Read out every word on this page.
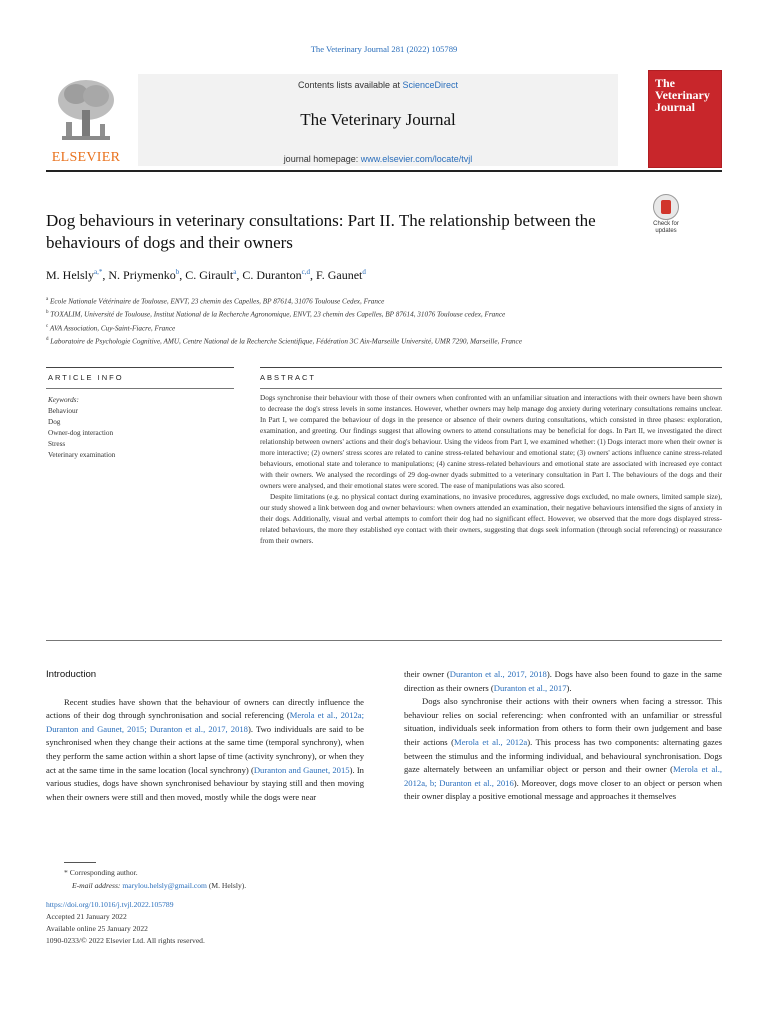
The Veterinary Journal 281 (2022) 105789
ELSEVIER
Contents lists available at ScienceDirect
The Veterinary Journal
journal homepage: www.elsevier.com/locate/tvjl
The Veterinary Journal
Dog behaviours in veterinary consultations: Part II. The relationship between the behaviours of dogs and their owners
Check for updates
M. Helsly$^{a,*}$, N. Priymenko$^b$, C. Girault$^a$, C. Duranton$^{c,d}$, F. Gaunet$^d$
$^a$ Ecole Nationale Vétérinaire de Toulouse, ENVT, 23 chemin des Capelles, BP 87614, 31076 Toulouse Cedex, France
$^b$ TOXALIM, Université de Toulouse, Institut National de la Recherche Agronomique, ENVT, 23 chemin des Capelles, BP 87614, 31076 Toulouse cedex, France
$^c$ AVA Association, Cuy-Saint-Fiacre, France
$^d$ Laboratoire de Psychologie Cognitive, AMU, Centre National de la Recherche Scientifique, Fédération 3C Aix-Marseille Université, UMR 7290, Marseille, France
ARTICLE INFO	ABSTRACT
Keywords:
Behaviour
Dog
Owner-dog interaction
Stress
Veterinary examination

Dogs synchronise their behaviour with those of their owners when confronted with an unfamiliar situation and interactions with their owners have been shown to decrease the dog's stress levels in some instances. However, whether owners may help manage dog anxiety during veterinary consultations remains unclear. In Part I, we compared the behaviour of dogs in the presence or absence of their owners during consultations, which consisted in three phases: exploration, examination, and greeting. Our findings suggest that allowing owners to attend consultations may be beneficial for dogs. In Part II, we investigated the direct relationship between owners' actions and their dog's behaviour. Using the videos from Part I, we examined whether: (1) Dogs interact more when their owner is more interactive; (2) owners' stress scores are related to canine stress-related behaviour and emotional state; (3) owners' actions influence canine stress-related behaviours, emotional state and tolerance to manipulations; (4) canine stress-related behaviours and emotional state are associated with increased eye contact with their owners. We analysed the recordings of 29 dog-owner dyads submitted to a veterinary consultation in Part I. The behaviours of the dogs and their owners were analysed, and their emotional states were scored. The ease of manipulations was also scored.

Despite limitations (e.g. no physical contact during examinations, no invasive procedures, aggressive dogs excluded, no male owners, limited sample size), our study showed a link between dog and owner behaviours: when owners attended an examination, their negative behaviours intensified the signs of anxiety in their dogs. Additionally, visual and verbal attempts to comfort their dog had no significant effect. However, we observed that the more dogs displayed stress-related behaviours, the more they established eye contact with their owners, suggesting that dogs seek information (through social referencing) or reassurance from their owners.

Introduction

Recent studies have shown that the behaviour of owners can directly influence the actions of their dog through synchronisation and social referencing (Merola et al., 2012a; Duranton and Gaunet, 2015; Duranton et al., 2017, 2018). Two individuals are said to be synchronised when they change their actions at the same time (temporal synchrony), when they perform the same action within a short lapse of time (activity synchrony), or when they act at the same time in the same location (local synchrony) (Duranton and Gaunet, 2015). In various studies, dogs have shown synchronised behaviour by staying still and then moving when their owners were still and then moved, mostly while the dogs were near

their owner (Duranton et al., 2017, 2018). Dogs have also been found to gaze in the same direction as their owners (Duranton et al., 2017).

Dogs also synchronise their actions with their owners when facing a stressor. This behaviour relies on social referencing: when confronted with an unfamiliar or stressful situation, individuals seek information from others to form their own judgement and base their actions (Merola et al., 2012a). This process has two components: alternating gazes between the stimulus and the informing individual, and behavioural synchronisation. Dogs gaze alternately between an unfamiliar object or person and their owner (Merola et al., 2012a, b; Duranton et al., 2016). Moreover, dogs move closer to an object or person when their owner display a positive emotional message and approaches it themselves

* Corresponding author.
E-mail address: marylou.helsly@gmail.com (M. Helsly).
https://doi.org/10.1016/j.tvjl.2022.105789
Accepted 21 January 2022
Available online 25 January 2022
1090-0233/© 2022 Elsevier Ltd. All rights reserved.
